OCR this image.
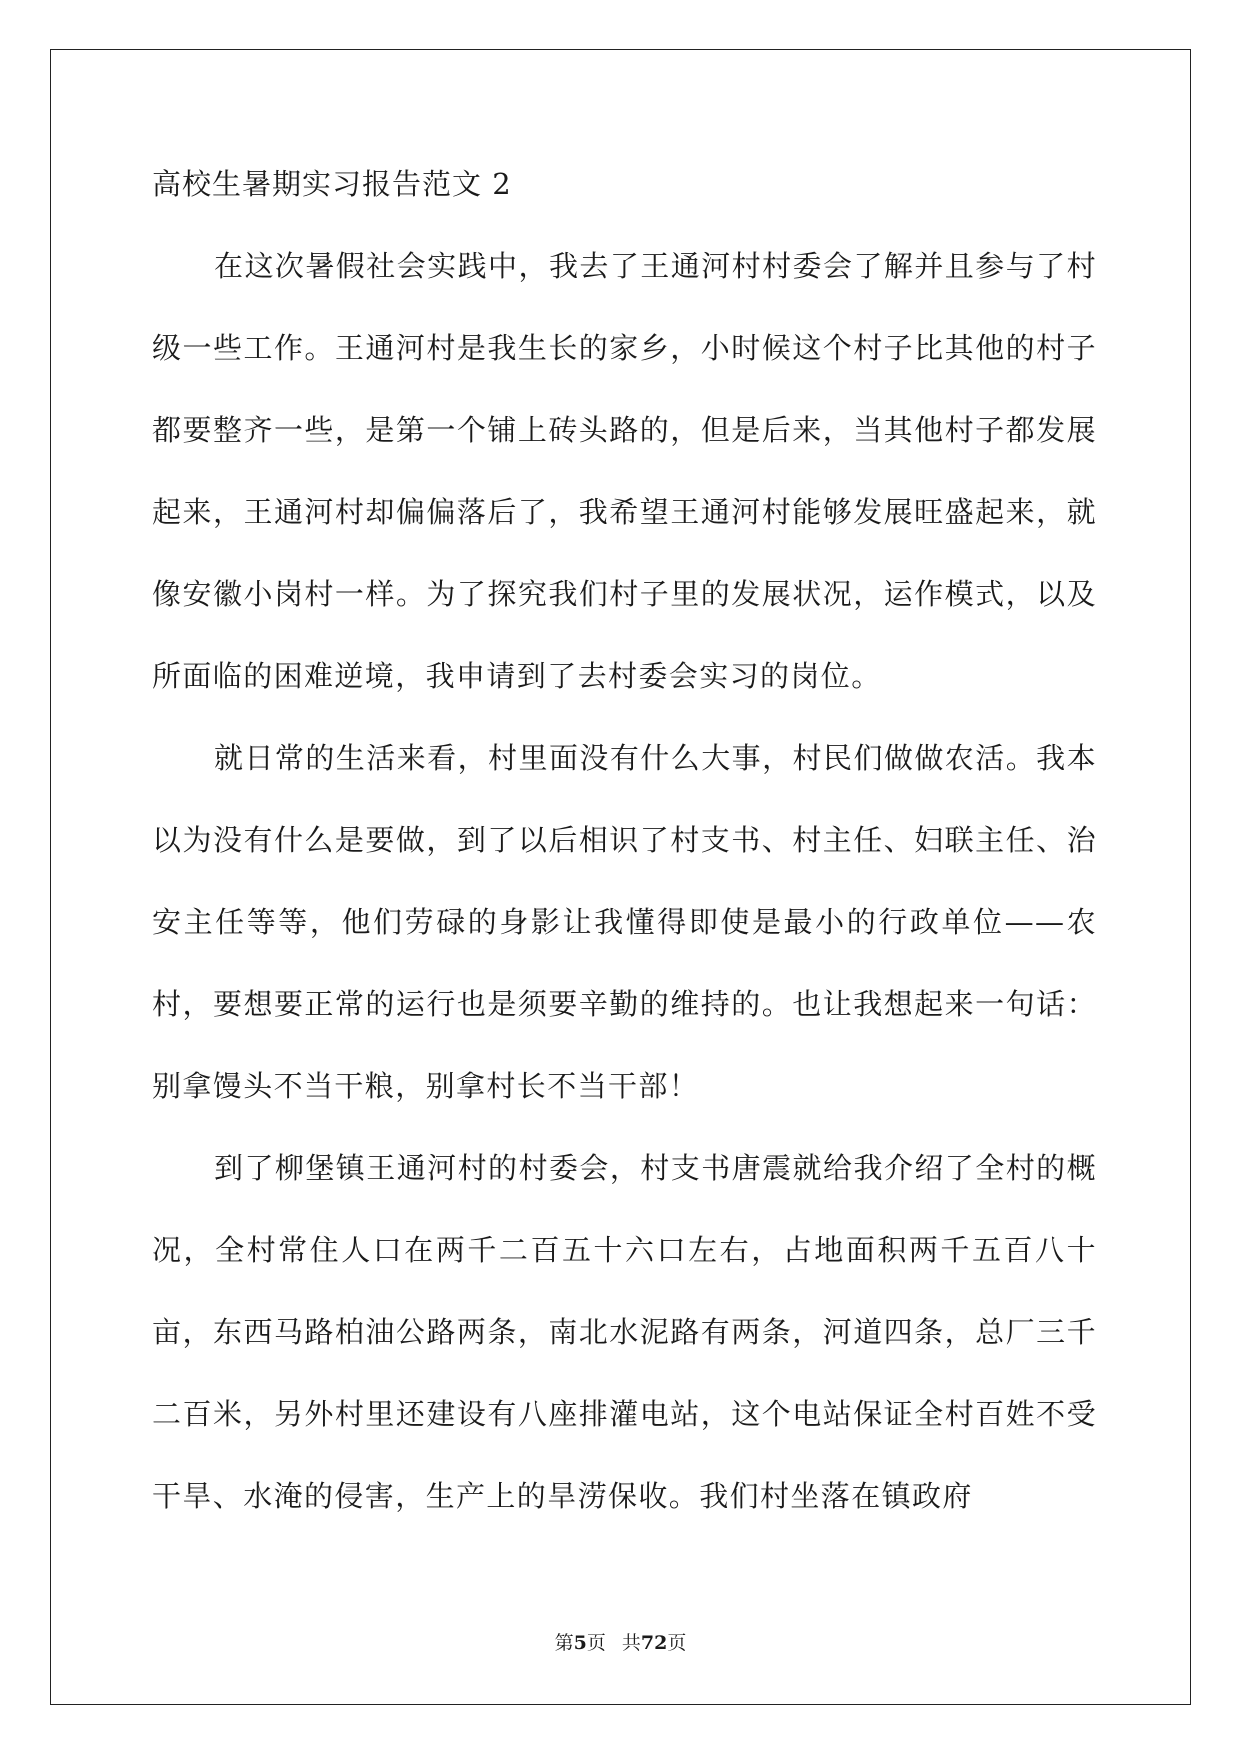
高校生暑期实习报告范文 2

在这次暑假社会实践中，我去了王通河村村委会了解并且参与了村级一些工作。王通河村是我生长的家乡，小时候这个村子比其他的村子都要整齐一些，是第一个铺上砖头路的，但是后来，当其他村子都发展起来，王通河村却偏偏落后了，我希望王通河村能够发展旺盛起来，就像安徽小岗村一样。为了探究我们村子里的发展状况，运作模式，以及所面临的困难逆境，我申请到了去村委会实习的岗位。

就日常的生活来看，村里面没有什么大事，村民们做做农活。我本以为没有什么是要做，到了以后相识了村支书、村主任、妇联主任、治安主任等等，他们劳碌的身影让我懂得即使是最小的行政单位——农村，要想要正常的运行也是须要辛勤的维持的。也让我想起来一句话：别拿馒头不当干粮，别拿村长不当干部！

到了柳堡镇王通河村的村委会，村支书唐震就给我介绍了全村的概况，全村常住人口在两千二百五十六口左右，占地面积两千五百八十亩，东西马路柏油公路两条，南北水泥路有两条，河道四条，总厂三千二百米，另外村里还建设有八座排灌电站，这个电站保证全村百姓不受干旱、水淹的侵害，生产上的旱涝保收。我们村坐落在镇政府

第5页 共72页
